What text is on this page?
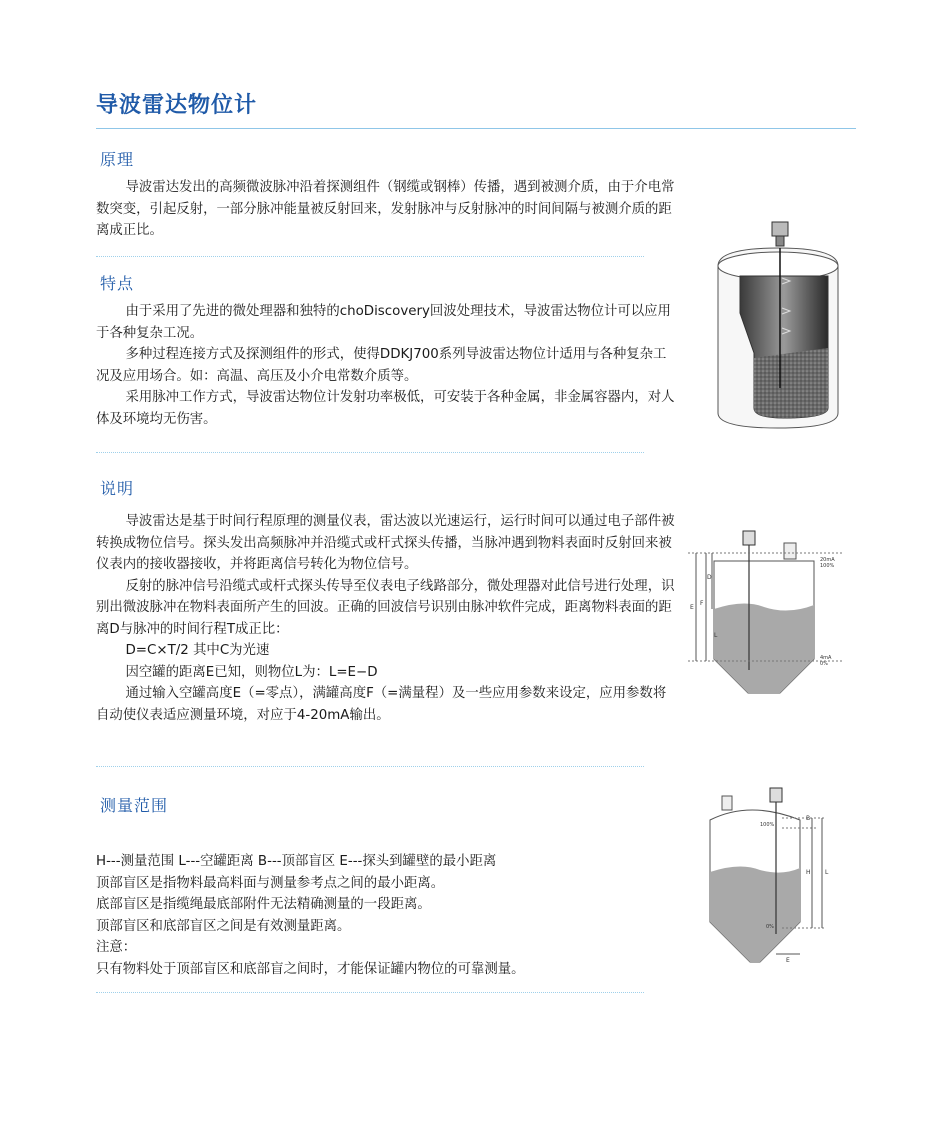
导波雷达物位计
原理

导波雷达发出的高频微波脉冲沿着探测组件（钢缆或钢棒）传播，遇到被测介质，由于介电常数突变，引起反射，一部分脉冲能量被反射回来，发射脉冲与反射脉冲的时间间隔与被测介质的距离成正比。

特点

由于采用了先进的微处理器和独特的choDiscovery回波处理技术，导波雷达物位计可以应用于各种复杂工况。

多种过程连接方式及探测组件的形式，使得DDKJ700系列导波雷达物位计适用与各种复杂工况及应用场合。如：高温、高压及小介电常数介质等。

采用脉冲工作方式，导波雷达物位计发射功率极低，可安装于各种金属，非金属容器内，对人体及环境均无伤害。

说明

导波雷达是基于时间行程原理的测量仪表，雷达波以光速运行，运行时间可以通过电子部件被转换成物位信号。探头发出高频脉冲并沿缆式或杆式探头传播，当脉冲遇到物料表面时反射回来被仪表内的接收器接收，并将距离信号转化为物位信号。

反射的脉冲信号沿缆式或杆式探头传导至仪表电子线路部分，微处理器对此信号进行处理，识别出微波脉冲在物料表面所产生的回波。正确的回波信号识别由脉冲软件完成，距离物料表面的距离D与脉冲的时间行程T成正比：

D=C×T/2 其中C为光速

因空罐的距离E已知，则物位L为：L=E−D

通过输入空罐高度E（=零点），满罐高度F（=满量程）及一些应用参数来设定，应用参数将自动使仪表适应测量环境，对应于4-20mA输出。

测量范围

H---测量范围 L---空罐距离 B---顶部盲区 E---探头到罐壁的最小距离

顶部盲区是指物料最高料面与测量参考点之间的最小距离。

底部盲区是指缆绳最底部附件无法精确测量的一段距离。

顶部盲区和底部盲区之间是有效测量距离。

注意：

只有物料处于顶部盲区和底部盲之间时，才能保证罐内物位的可靠测量。

E
F
D
L
20mA
100%
4mA
0%
100%
0%
B
H L
E
